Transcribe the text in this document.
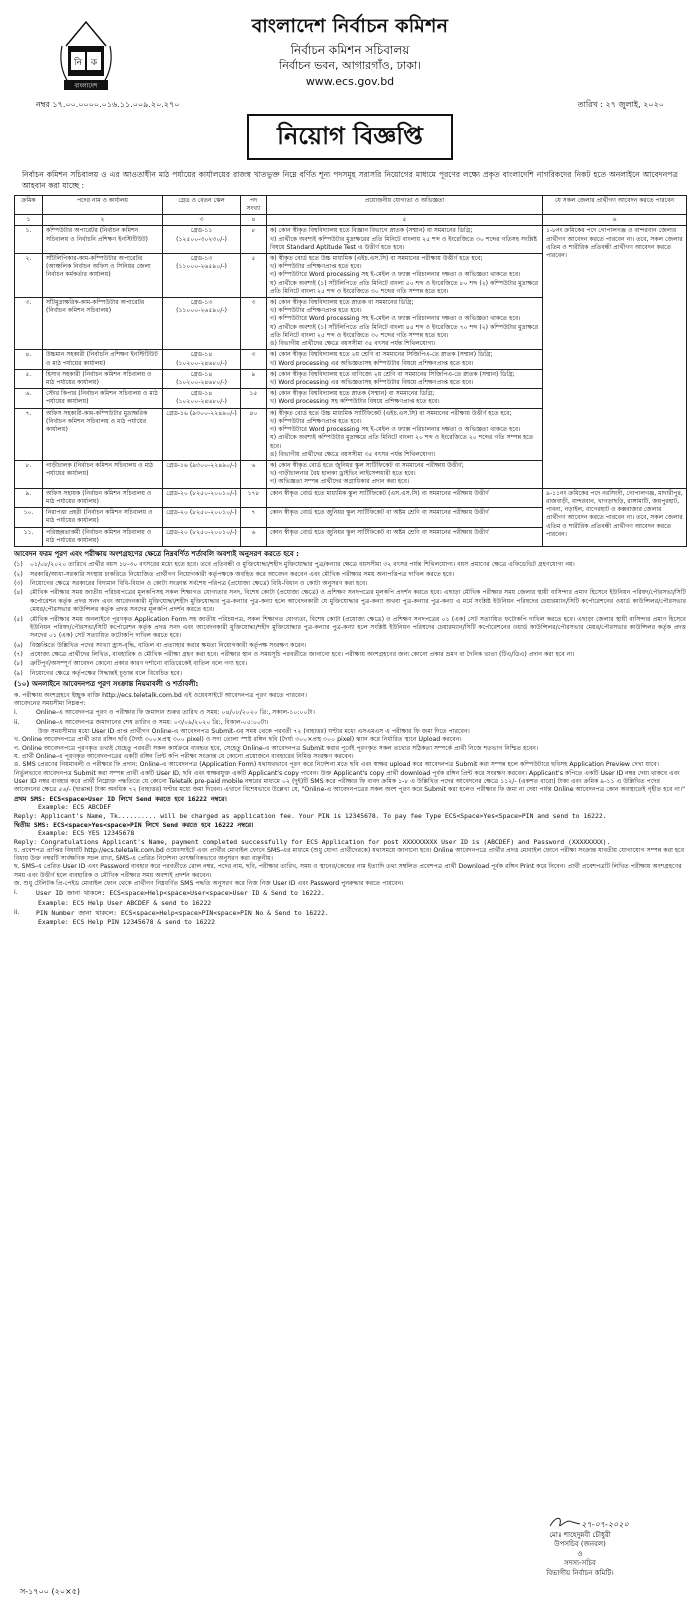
নি ক
বাংলাদেশ
বাংলাদেশ নির্বাচন কমিশন
নির্বাচন কমিশন সচিবালয়
নির্বাচন ভবন, আগারগাঁও, ঢাকা।
www.ecs.gov.bd
নম্বর ১৭.০০.০০০০.০১৬.১১.০০৯.২০.২৭০	তারিখ : ২৭ জুলাই, ২০২০
নিয়োগ বিজ্ঞপ্তি
নির্বাচন কমিশন সচিবালয় ও এর আওতাধীন মাঠ পর্যায়ের কার্যালয়ের রাজস্ব খাতভুক্ত নিম্নে বর্ণিত শূন্য পদসমূহ সরাসরি নিয়োগের মাধ্যমে পূরণের লক্ষ্যে প্রকৃত বাংলাদেশি নাগরিকদের নিকট হতে অনলাইনে আবেদনপত্র আহবান করা যাচ্ছে :
ক্রমিক	পদের নাম ও কার্যালয়	গ্রেড ও বেতন স্কেল	পদ সংখ্যা	প্রয়োজনীয় যোগ্যতা ও অভিজ্ঞতা	যে সকল জেলার প্রার্থীগণ আবেদন করতে পারবেন
১	২	৩	৪	৫	৬
১.	কম্পিউটার অপারেটর (নির্বাচন কমিশন সচিবালয় ও নির্বাচনি প্রশিক্ষণ ইনস্টিটিউট)	গ্রেড-১১ (১২৫০০-৩০২৩০/-)	৮	ক) কোন স্বীকৃত বিশ্ববিদ্যালয় হতে বিজ্ঞান বিভাগে স্নাতক (সম্মান) বা সমমানের ডিগ্রি;
খ) প্রার্থীকে অবশ্যই কম্পিউটার মুদ্রাক্ষরের প্রতি মিনিটে বাংলায় ২৫ শব্দ ও ইংরেজিতে ৩০ শব্দের গতিসহ সংশ্লিষ্ট বিষয়ে Standard Aptitude Test এ উত্তীর্ণ হতে হবে।	১-৮নং ক্রমিকের পদে গোপালগঞ্জ ও বান্দরবান জেলার প্রার্থীগণ আবেদন করতে পারবেন না। তবে, সকল জেলার এতিম ও শারীরিক প্রতিবন্ধী প্রার্থীগণ আবেদন করতে পারবেন।
২.	সাঁটলিপিকার-কাম-কম্পিউটার অপারেটর (আঞ্চলিক নির্বাচন অফিস ও সিনিয়র জেলা নির্বাচন কর্মকর্তার কার্যালয়)	গ্রেড-১৩ (১১০০০-২৬৫৯০/-)	৫	ক) স্বীকৃত বোর্ড হতে উচ্চ মাধ্যমিক (এইচ.এস.সি) বা সমমানের পরীক্ষায় উত্তীর্ণ হতে হবে;
খ) কম্পিউটার প্রশিক্ষণপ্রাপ্ত হতে হবে।
গ) কম্পিউটারে Word processing সহ ই-মেইল ও ফ্যাক্স পরিচালনার দক্ষতা ও অভিজ্ঞতা থাকতে হবে।
ঘ) প্রার্থীকে অবশ্যই (১) সাঁটলিপিতে প্রতি মিনিটে বাংলা ৫০ শব্দ ও ইংরেজিতে ৮০ শব্দ (২) কম্পিউটার মুদ্রাক্ষরে প্রতি মিনিটে বাংলা ২৫ শব্দ ও ইংরেজিতে ৩০ শব্দের গতি সম্পন্ন হতে হবে।	

৩.	সাঁটমুদ্রাক্ষরিক-কাম-কম্পিউটার অপারেটর (নির্বাচন কমিশন সচিবালয়)	গ্রেড-১৩ (১১০০০-২৬৫৯০/-)	৩	ক) কোন স্বীকৃত বিশ্ববিদ্যালয় হতে স্নাতক বা সমমানের ডিগ্রি;
খ) কম্পিউটার প্রশিক্ষণপ্রাপ্ত হতে হবে।
গ) কম্পিউটারে Word processing সহ ই-মেইল ও ফ্যাক্স পরিচালনার দক্ষতা ও অভিজ্ঞতা থাকতে হবে।
ঘ) প্রার্থীকে অবশ্যই (১) সাঁটলিপিতে প্রতি মিনিটে বাংলা ৪৫ শব্দ ও ইংরেজিতে ৭০ শব্দ (২) কম্পিউটার মুদ্রাক্ষরে প্রতি মিনিটে বাংলা ২৫ শব্দ ও ইংরেজিতে ৩০ শব্দের গতি সম্পন্ন হতে হবে।
ঙ) বিভাগীয় প্রার্থীদের ক্ষেত্রে বয়সসীমা ৩৫ বৎসর পর্যন্ত শিথিলযোগ্য।	

৪.	উচ্চমান সহকারী (নির্বাচনি প্রশিক্ষণ ইনস্টিটিউট ও মাঠ পর্যায়ের কার্যালয়)	গ্রেড-১৪ (১০২০০-২৪৬৮০/-)	৩	ক) কোন স্বীকৃত বিশ্ববিদ্যালয় হতে ২য় শ্রেণি বা সমমানের সিজিপিএ-তে স্নাতক (সম্মান) ডিগ্রি;
খ) Word processing এর অভিজ্ঞতাসহ কম্পিউটার বিষয়ে প্রশিক্ষণপ্রাপ্ত হতে হবে।	

৫.	হিসাব সহকারী (নির্বাচন কমিশন সচিবালয় ও মাঠ পর্যায়ের কার্যালয়)	গ্রেড-১৪ (১০২০০-২৪৬৮০/-)	৯	ক) কোন স্বীকৃত বিশ্ববিদ্যালয় হতে বাণিজ্যে ২য় শ্রেণি বা সমমানের সিজিপিএ-তে স্নাতক (সম্মান) ডিগ্রি;
খ) Word processing এর অভিজ্ঞতাসহ কম্পিউটার বিষয়ে প্রশিক্ষণপ্রাপ্ত হতে হবে।	

৬.	স্টোর কিপার (নির্বাচন কমিশন সচিবালয় ও মাঠ পর্যায়ের কার্যালয়)	গ্রেড-১৪ (১০২০০-২৪৬৮০/-)	১৫	ক) কোন স্বীকৃত বিশ্ববিদ্যালয় হতে স্নাতক (সম্মান) বা সমমানের ডিগ্রি;
খ) Word processing সহ কম্পিউটার বিষয়ে প্রশিক্ষণপ্রাপ্ত হতে হবে।	

৭.	অফিস সহকারী-কাম-কম্পিউটার মুদ্রাক্ষরিক (নির্বাচন কমিশন সচিবালয় ও মাঠ পর্যায়ের কার্যালয়)	গ্রেড-১৬ (৯৩০০-২২৪৯০/-)	৪০	ক) স্বীকৃত বোর্ড হতে উচ্চ মাধ্যমিক সার্টিফিকেট (এইচ.এস.সি) বা সমমানের পরীক্ষায় উত্তীর্ণ হতে হবে;
খ) কম্পিউটার প্রশিক্ষণপ্রাপ্ত হতে হবে।
গ) কম্পিউটারে Word processing সহ ই-মেইল ও ফ্যাক্স পরিচালনার দক্ষতা ও অভিজ্ঞতা থাকতে হবে।
ঘ) প্রার্থীকে অবশ্যই কম্পিউটার মুদ্রাক্ষরে প্রতি মিনিটে বাংলা ২০ শব্দ ও ইংরেজিতে ২০ শব্দের গতি সম্পন্ন হতে হবে।
ঙ) বিভাগীয় প্রার্থীদের ক্ষেত্রে বয়সসীমা ৩৫ বৎসর পর্যন্ত শিথিলযোগ্য।	

৮.	গাড়ীচালক (নির্বাচন কমিশন সচিবালয় ও মাঠ পর্যায়ের কার্যালয়)	গ্রেড-১৬ (৯৩০০-২২৪৯০/-)	৬	ক) কোন স্বীকৃত বোর্ড হতে জুনিয়র স্কুল সার্টিফিকেট বা সমমানের পরীক্ষায় উত্তীর্ণ;
খ) গাড়ীচালনার বৈধ হালকা ড্রাইভিং লাইসেন্সধারী হতে হবে।
গ) অভিজ্ঞতা সম্পন্ন প্রার্থীদের অগ্রাধিকার প্রদান করা হবে।	

৯.	অফিস সহায়ক (নির্বাচন কমিশন সচিবালয় ও মাঠ পর্যায়ের কার্যালয়)	গ্রেড-২০ (৮২৫০-২০০১০/-)	১৭৮	কোন স্বীকৃত বোর্ড হতে মাধ্যমিক স্কুল সার্টিফিকেট (এস.এস.সি) বা সমমানের পরীক্ষায় উত্তীর্ণ	৯-১১নং ক্রমিকের পদে নরসিংদী, গোপালগঞ্জ, মাদারীপুর, রাজবাড়ী, বান্দরবান, খাগড়াছড়ি, রাঙ্গামাটি, জয়পুরহাট, পাবনা, নড়াইল, বাগেরহাট ও কক্সবাজার জেলার প্রার্থীগণ আবেদন করতে পারবেন না। তবে, সকল জেলার এতিম ও শারীরিক প্রতিবন্ধী প্রার্থীগণ আবেদন করতে পারবেন।
১০.	নিরাপত্তা প্রহরী (নির্বাচন কমিশন সচিবালয় ও মাঠ পর্যায়ের কার্যালয়)	গ্রেড-২০ (৮২৫০-২০০১০/-)	৭	কোন স্বীকৃত বোর্ড হতে জুনিয়র স্কুল সার্টিফিকেট বা অষ্টম শ্রেণি বা সমমানের পরীক্ষায় উত্তীর্ণ	

১১.	পরিচ্ছন্নতাকর্মী (নির্বাচন কমিশন সচিবালয় ও মাঠ পর্যায়ের কার্যালয়)	গ্রেড-২০ (৮২৫০-২০০১০/-)	৬	কোন স্বীকৃত বোর্ড হতে জুনিয়র স্কুল সার্টিফিকেট বা অষ্টম শ্রেণি বা সমমানের পরীক্ষায় উত্তীর্ণ	
আবেদন ফরম পূরণ এবং পরীক্ষায় অংশগ্রহণের ক্ষেত্রে নিম্নবর্ণিত শর্তাবলি অবশ্যই অনুসরণ করতে হবে :
(১)	০১/০৮/২০২০ তারিখে প্রার্থীর বয়স ১৮-৩০ বৎসরের মধ্যে হতে হবে। তবে প্রতিবন্ধী ও মুক্তিযোদ্ধা/শহীদ মুক্তিযোদ্ধার পুত্র/কন্যার ক্ষেত্রে বয়সসীমা ৩২ বৎসর পর্যন্ত শিথিলযোগ্য। বয়স প্রমাণের ক্ষেত্রে এফিডেভিট গ্রহণযোগ্য নয়।
(২)	সরকারি/আধা-সরকারি সংস্থায় চাকরিতে নিয়োজিত প্রার্থীগণ নিয়োগকারী কর্তৃপক্ষকে অবহিত করে আবেদন করবেন এবং মৌখিক পরীক্ষার সময় অনাপত্তিপত্র দাখিল করতে হবে।
(৩)	নিয়োগের ক্ষেত্রে সরকারের বিদ্যমান বিধি-বিধান ও কোটা সংক্রান্ত সর্বশেষ পরিপত্র (প্রযোজ্য ক্ষেত্রে) বিধি-বিধান ও কোটা অনুসরণ করা হবে।
(৪)	মৌখিক পরীক্ষার সময় জাতীয় পরিচয়পত্রের মূলকপিসহ সকল শিক্ষাগত যোগ্যতার সনদ, বিশেষ কোটা (প্রযোজ্য ক্ষেত্রে) ও প্রশিক্ষণ সনদপত্রের মূলকপি প্রদর্শন করতে হবে। এছাড়া মৌখিক পরীক্ষার সময় জেলার স্থায়ী বাসিন্দার প্রমাণ হিসেবে ইউনিয়ন পরিষদ/পৌরসভা/সিটি কর্পোরেশন কর্তৃক প্রদত্ত সনদ এবং আবেদনকারী মুক্তিযোদ্ধা/শহীদ মুক্তিযোদ্ধার পুত্র-কন্যার পুত্র-কন্যা হলে আবেদনকারী যে মুক্তিযোদ্ধার পুত্র-কন্যা অথবা পুত্র-কন্যার পুত্র-কন্যা এ মর্মে সংশ্লিষ্ট ইউনিয়ন পরিষদের চেয়ারম্যান/সিটি কর্পোরেশনের ওয়ার্ড কাউন্সিলর/পৌরসভার মেয়র/পৌরসভার কাউন্সিলর কর্তৃক প্রদত্ত সনদের মূলকপি প্রদর্শন করতে হবে।
(৫)	মৌখিক পরীক্ষার সময় অনলাইনে পূরণকৃত Application Form সহ জাতীয় পরিচয়পত্র, সকল শিক্ষাগত যোগ্যতা, বিশেষ কোটা (প্রযোজ্য ক্ষেত্রে) ও প্রশিক্ষণ সনদপত্রের ০১ (এক) সেট সত্যায়িত ফটোকপি দাখিল করতে হবে। এছাড়া জেলার স্থায়ী বাসিন্দার প্রমাণ হিসেবে ইউনিয়ন পরিষদ/পৌরসভা/সিটি কর্পোরেশন কর্তৃক প্রদত্ত সনদ এবং আবেদনকারী মুক্তিযোদ্ধা/শহীদ মুক্তিযোদ্ধার পুত্র-কন্যার পুত্র-কন্যা হলে সংশ্লিষ্ট ইউনিয়ন পরিষদের চেয়ারম্যান/সিটি কর্পোরেশনের ওয়ার্ড কাউন্সিলর/পৌরসভার মেয়র/পৌরসভার কাউন্সিলর কর্তৃক প্রদত্ত সনদের ০১ (এক) সেট সত্যায়িত ফটোকপি দাখিল করতে হবে।
(৬)	বিজ্ঞপ্তিতে উল্লিখিত পদের সংখ্যা হ্রাস-বৃদ্ধি, বাতিল বা প্রত্যাহার করার ক্ষমতা নিয়োগকারী কর্তৃপক্ষ সংরক্ষণ করেন।
(৭)	প্রযোজ্য ক্ষেত্রে প্রার্থীদের লিখিত, ব্যবহারিক ও মৌখিক পরীক্ষা গ্রহণ করা হবে। পরীক্ষার স্থান ও সময়সূচি পরবর্তীতে জানানো হবে। পরীক্ষায় অংশগ্রহণের জন্য কোনো প্রকার ভ্রমণ বা দৈনিক ভাতা (টিএ/ডিএ) প্রদান করা হবে না।
(৮)	ত্রুটিপূর্ণ/অসম্পূর্ণ আবেদন কোনো প্রকার কারণ দর্শানো ব্যতিরেকেই বাতিল বলে গণ্য হবে।
(৯)	নিয়োগের ক্ষেত্রে কর্তৃপক্ষের সিদ্ধান্তই চূড়ান্ত বলে বিবেচিত হবে।
(১০) অনলাইনে আবেদনপত্র পূরণ সংক্রান্ত নিয়মাবলী ও শর্তাবলী:
ক. পরীক্ষায় অংশগ্রহণে ইচ্ছুক ব্যক্তি http://ecs.teletalk.com.bd এই ওয়েবসাইটে আবেদনপত্র পূরণ করতে পারবেন।
আবেদনের সময়সীমা নিম্নরূপ:
i.	Online-এ আবেদনপত্র পূরণ ও পরীক্ষার ফি জমাদান শুরুর তারিখ ও সময়: ০৪/০৮/২০২০ খ্রি:, সকাল-১০:০০টা।
ii.	Online-এ আবেদনপত্র জমাদানের শেষ তারিখ ও সময়: ০৩/০৯/২০২০ খ্রি:, বিকাল-০৫:০০টা।
উক্ত সময়সীমার মধ্যে User ID প্রাপ্ত প্রার্থীগণ Online-এ আবেদনপত্র Submit-এর সময় থেকে পরবর্তী ৭২ (বাহাত্তর) ঘণ্টার মধ্যে এসএমএস এ পরীক্ষার ফি জমা দিতে পারবেন।
খ. Online আবেদনপত্রে প্রার্থী তার রঙ্গিন ছবি (দৈর্ঘ্য ৩০০×প্রস্থ ৩০০ pixel) ও সদ্য তোলা স্পষ্ট রঙ্গিন ছবি (দৈর্ঘ্য ৩০০×প্রস্থ ৩০০ pixel) স্ক্যান করে নির্ধারিত স্থানে Upload করবেন।
গ. Online আবেদনপত্রে পূরণকৃত তথ্যই যেহেতু পরবর্তী সকল কার্যক্রমে ব্যবহৃত হবে, সেহেতু Online-এ আবেদনপত্র Submit করার পূর্বেই পূরণকৃত সকল তথ্যের সঠিকতা সম্পর্কে প্রার্থী নিজে শতভাগ নিশ্চিত হবেন।
ঘ. প্রার্থী Online-এ পূরণকৃত আবেদনপত্রের একটি রঙ্গিন প্রিন্ট কপি পরীক্ষা সংক্রান্ত যে কোনো প্রয়োজনে ব্যবহারের নিমিত্ত সংরক্ষণ করবেন।
ঙ. SMS প্রেরণের নিয়মাবলী ও পরীক্ষার ফি প্রদান: Online-এ আবেদনপত্র (Application Form) যথাযথভাবে পূরণ করে নির্দেশনা মতে ছবি এবং স্বাক্ষর upload করে আবেদনপত্র Submit করা সম্পন্ন হলে কম্পিউটারে ছবিসহ Application Preview দেখা যাবে। নির্ভুলভাবে আবেদনপত্র Submit করা সম্পন্ন প্রার্থী একটি User ID, ছবি এবং স্বাক্ষরযুক্ত একটি Applicant's copy পাবেন। উক্ত Applicant's copy প্রার্থী download পূর্বক রঙ্গিন প্রিন্ট করে সংরক্ষণ করবেন। Applicant's কপিতে একটি User ID নম্বর দেয়া থাকবে এবং User ID নম্বর ব্যবহার করে প্রার্থী নিম্নোক্ত পদ্ধতিতে যে কোনো Teletalk pre-paid mobile নম্বরের মাধ্যমে ০২ (দুই)টি SMS করে পরীক্ষার ফি বাবদ ক্রমিক ১-৮ এ উল্লিখিত পদের আবেদনের ক্ষেত্রে ১১২/- (একশত বারো) টাকা এবং ক্রমিক ৯-১১ এ উল্লিখিত পদের আবেদনের ক্ষেত্রে ৫৬/- (ছাপ্পান্ন) টাকা অনধিক ৭২ (বাহাত্তর) ঘণ্টার মধ্যে জমা দিবেন। এখানে বিশেষভাবে উল্লেখ্য যে, "Online-এ আবেদনপত্রের সকল অংশ পূরণ করে Submit করা হলেও পরীক্ষার ফি জমা না দেয়া পর্যন্ত Online আবেদনপত্র কোন অবস্থাতেই গৃহীত হবে না।"
প্রথম SMS: ECS<space>User ID লিখে Send করতে হবে 16222 নম্বরে।
Example: ECS ABCDEF
Reply: Applicant's Name, Tk.......... will be charged as application fee. Your PIN is 12345678. To pay fee Type ECS<Space>Yes<Space>PIN and send to 16222.
দ্বিতীয় SMS: ECS<space>Yes<space>PIN লিখে Send করতে হবে 16222 নম্বরে।
Example: ECS YES 12345678
Reply: Congratulations Applicant's Name, payment completed successfully for ECS Application for post XXXXXXXXX User ID is (ABCDEF) and Password (XXXXXXXX).
চ. প্রবেশপত্র প্রাপ্তির বিষয়টি http://ecs.teletalk.com.bd ওয়েবসাইটে এবং প্রার্থীর মোবাইল ফোনে SMS-এর মাধ্যমে (শুধু যোগ্য প্রার্থীদেরকে) যথাসময়ে জানানো হবে। Online আবেদনপত্রে প্রার্থীর প্রদত্ত মোবাইল ফোনে পরীক্ষা সংক্রান্ত যাবতীয় যোগাযোগ সম্পন্ন করা হবে বিধায় উক্ত নম্বরটি সার্বক্ষণিক সচল রাখা, SMS-এ প্রেরিত নির্দেশনা তাৎক্ষণিকভাবে অনুসরণ করা বাঞ্ছনীয়।
ছ. SMS-এ প্রেরিত User ID এবং Password ব্যবহার করে পরবর্তীতে রোল নম্বর, পদের নাম, ছবি, পরীক্ষার তারিখ, সময় ও স্থানের/কেন্দ্রের নাম ইত্যাদি তথ্য সম্বলিত প্রবেশপত্র প্রার্থী Download পূর্বক রঙ্গিন Print করে নিবেন। প্রার্থী প্রবেশপত্রটি লিখিত পরীক্ষায় অংশগ্রহণের সময় এবং উত্তীর্ণ হলে ব্যবহারিক ও মৌখিক পরীক্ষার সময় অবশ্যই প্রদর্শন করবেন।
জ. শুধু টেলিটক প্রি-পেইড মোবাইল ফোন থেকে প্রার্থীগণ নিম্নবর্ণিত SMS পদ্ধতি অনুসরণ করে নিজ নিজ User ID এবং Password পুনরুদ্ধার করতে পারবেন।
i.	User ID জানা থাকলে: ECS<space>Help<space>User<space>User ID & Send to 16222.
Example: ECS Help User ABCDEF & send to 16222
ii.	PIN Number জানা থাকলে: ECS<space>Help<space>PIN<space>PIN No & Send to 16222.
Example: ECS Help PIN 12345678 & send to 16222
২৭-০৭-২০২০
মোঃ শাহেদুন্নবী চৌধুরী
উপসচিব (জনবল)
ও
সদস্য-সচিব
বিভাগীয় নির্বাচন কমিটি।
স-১৭০০ (২০×৫)
